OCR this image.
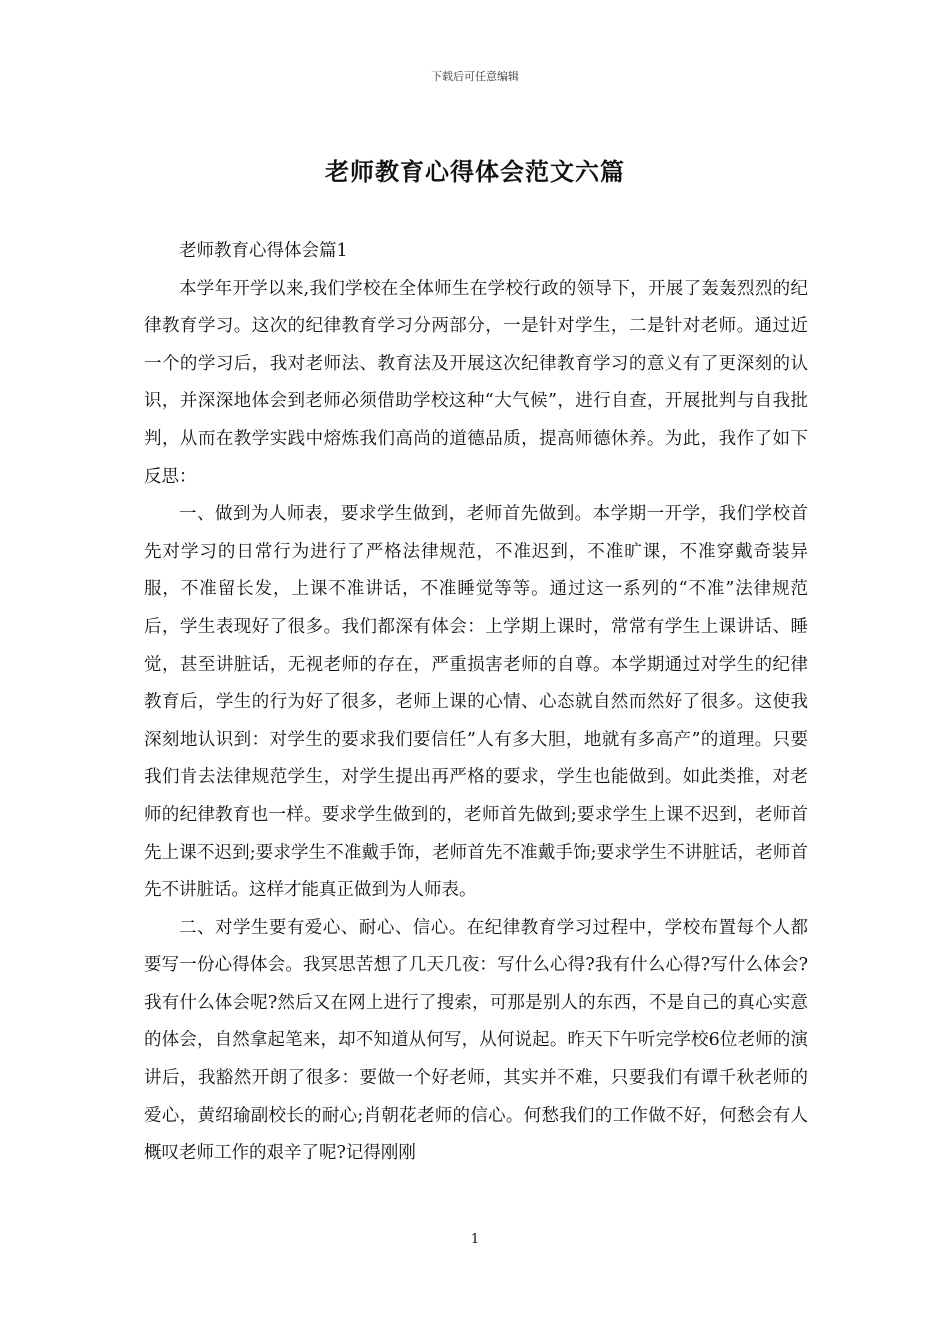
下载后可任意编辑
老师教育心得体会范文六篇

老师教育心得体会篇1

本学年开学以来,我们学校在全体师生在学校行政的领导下，开展了轰轰烈烈的纪律教育学习。这次的纪律教育学习分两部分，一是针对学生，二是针对老师。通过近一个的学习后，我对老师法、教育法及开展这次纪律教育学习的意义有了更深刻的认识，并深深地体会到老师必须借助学校这种“大气候”，进行自查，开展批判与自我批判，从而在教学实践中熔炼我们高尚的道德品质，提高师德休养。为此，我作了如下反思：

一、做到为人师表，要求学生做到，老师首先做到。本学期一开学，我们学校首先对学习的日常行为进行了严格法律规范，不准迟到，不准旷课，不准穿戴奇装异服，不准留长发，上课不准讲话，不准睡觉等等。通过这一系列的“不准”法律规范后，学生表现好了很多。我们都深有体会：上学期上课时，常常有学生上课讲话、睡觉，甚至讲脏话，无视老师的存在，严重损害老师的自尊。本学期通过对学生的纪律教育后，学生的行为好了很多，老师上课的心情、心态就自然而然好了很多。这使我深刻地认识到：对学生的要求我们要信任”人有多大胆，地就有多高产”的道理。只要我们肯去法律规范学生，对学生提出再严格的要求，学生也能做到。如此类推，对老师的纪律教育也一样。要求学生做到的，老师首先做到;要求学生上课不迟到，老师首先上课不迟到;要求学生不准戴手饰，老师首先不准戴手饰;要求学生不讲脏话，老师首先不讲脏话。这样才能真正做到为人师表。

二、对学生要有爱心、耐心、信心。在纪律教育学习过程中，学校布置每个人都要写一份心得体会。我冥思苦想了几天几夜：写什么心得?我有什么心得?写什么体会?我有什么体会呢?然后又在网上进行了搜索，可那是别人的东西，不是自己的真心实意的体会，自然拿起笔来，却不知道从何写，从何说起。昨天下午听完学校6位老师的演讲后，我豁然开朗了很多：要做一个好老师，其实并不难，只要我们有谭千秋老师的爱心，黄绍瑜副校长的耐心;肖朝花老师的信心。何愁我们的工作做不好，何愁会有人概叹老师工作的艰辛了呢?记得刚刚

1
